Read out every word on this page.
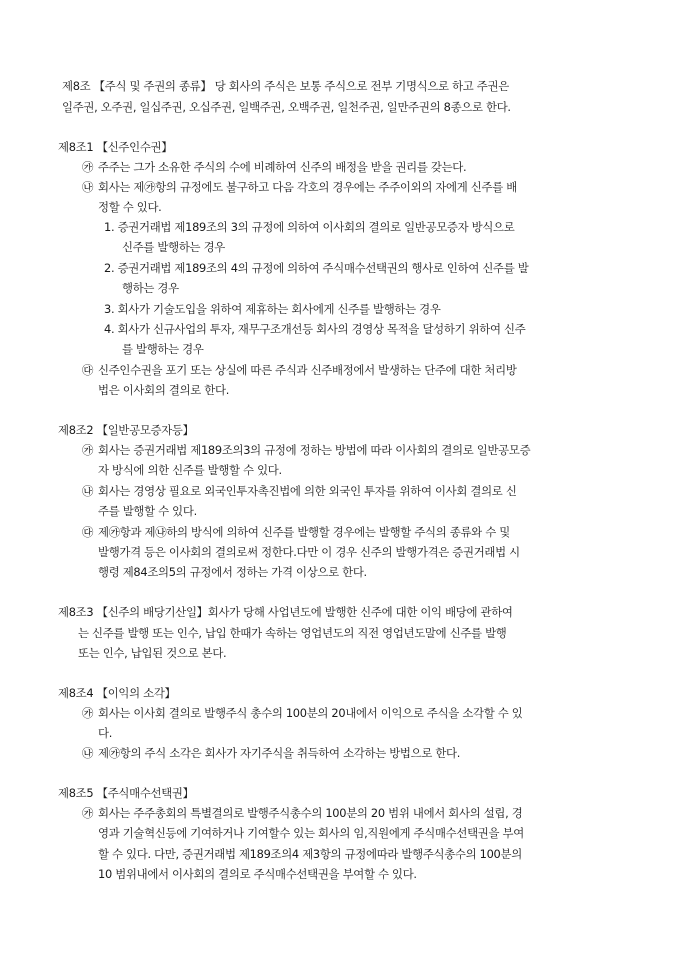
제8조 【주식 및 주권의 종류】 당 회사의 주식은 보통 주식으로 전부 기명식으로 하고 주권은
일주권, 오주권, 일십주권, 오십주권, 일백주권, 오백주권, 일천주권, 일만주권의 8종으로 한다.
제8조1 【신주인수권】
㉮ 주주는 그가 소유한 주식의 수에 비례하여 신주의 배정을 받을 권리를 갖는다.
㉯ 회사는 제㉮항의 규정에도 불구하고 다음 각호의 경우에는 주주이외의 자에게 신주를 배
정할 수 있다.
1. 증권거래법 제189조의 3의 규정에 의하여 이사회의 결의로 일반공모증자 방식으로
신주를 발행하는 경우
2. 증권거래법 제189조의 4의 규정에 의하여 주식매수선택권의 행사로 인하여 신주를 발
행하는 경우
3. 회사가 기술도입을 위하여 제휴하는 회사에게 신주를 발행하는 경우
4. 회사가 신규사업의 투자, 재무구조개선등 회사의 경영상 목적을 달성하기 위하여 신주
를 발행하는 경우
㉰ 신주인수권을 포기 또는 상실에 따른 주식과 신주배정에서 발생하는 단주에 대한 처리방
법은 이사회의 결의로 한다.
제8조2 【일반공모증자등】
㉮ 회사는 증권거래법 제189조의3의 규정에 정하는 방법에 따라 이사회의 결의로 일반공모증
자 방식에 의한 신주를 발행할 수 있다.
㉯ 회사는 경영상 필요로 외국인투자촉진법에 의한 외국인 투자를 위하여 이사회 결의로 신
주를 발행할 수 있다.
㉰ 제㉮항과 제㉯하의 방식에 의하여 신주를 발행할 경우에는 발행할 주식의 종류와 수 및
발행가격 등은 이사회의 결의로써 정한다.다만 이 경우 신주의 발행가격은 증권거래법 시
행령 제84조의5의 규정에서 정하는 가격 이상으로 한다.
제8조3 【신주의 배당기산일】회사가 당해 사업년도에 발행한 신주에 대한 이익 배당에 관하여
는 신주를 발행 또는 인수, 납입 한때가 속하는 영업년도의 직전 영업년도말에 신주를 발행
또는 인수, 납입된 것으로 본다.
제8조4 【이익의 소각】
㉮ 회사는 이사회 결의로 발행주식 총수의 100분의 20내에서 이익으로 주식을 소각할 수 있
다.
㉯ 제㉮항의 주식 소각은 회사가 자기주식을 취득하여 소각하는 방법으로 한다.
제8조5 【주식매수선택권】
㉮ 회사는 주주총회의 특별결의로 발행주식총수의 100분의 20 범위 내에서 회사의 설립, 경
영과 기술혁신등에 기여하거나 기여할수 있는 회사의 임,직원에게 주식매수선택권을 부여
할 수 있다. 다만, 증권거래법 제189조의4 제3항의 규정에따라 발행주식총수의 100분의
10 범위내에서 이사회의 결의로 주식매수선택권을 부여할 수 있다.
